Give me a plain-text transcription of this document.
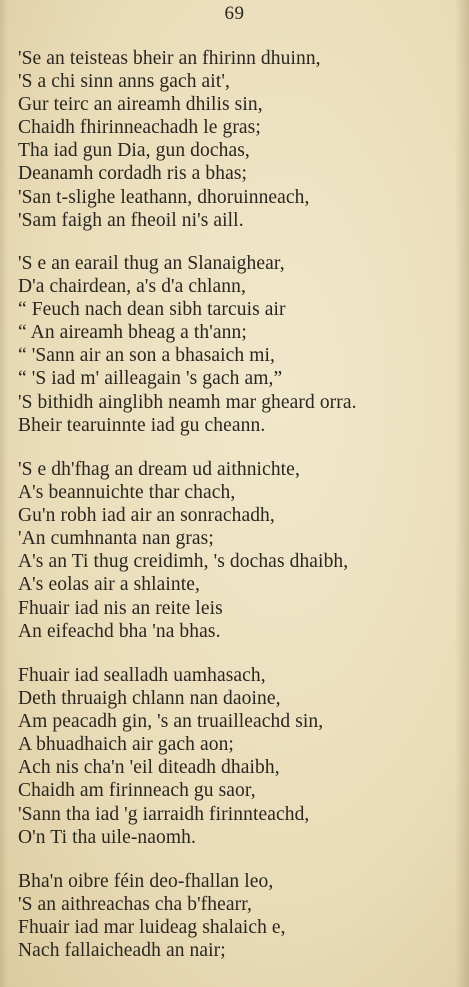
69
'Se an teisteas bheir an fhirinn dhuinn,
'S a chi sinn anns gach ait',
Gur teirc an aireamh dhilis sin,
Chaidh fhirinneachadh le gras;
Tha iad gun Dia, gun dochas,
Deanamh cordadh ris a bhas;
'San t-slighe leathann, dhoruinneach,
'Sam faigh an fheoil ni's aill.
'S e an earail thug an Slanaighear,
D'a chairdean, a's d'a chlann,
“ Feuch nach dean sibh tarcuis air
“ An aireamh bheag a th'ann;
“ 'Sann air an son a bhasaich mi,
“ 'S iad m' ailleagain 's gach am,”
'S bithidh ainglibh neamh mar gheard orra.
Bheir tearuinnte iad gu cheann.
'S e dh'fhag an dream ud aithnichte,
A's beannuichte thar chach,
Gu'n robh iad air an sonrachadh,
'An cumhnanta nan gras;
A's an Ti thug creidimh, 's dochas dhaibh,
A's eolas air a shlainte,
Fhuair iad nis an reite leis
An eifeachd bha 'na bhas.
Fhuair iad sealladh uamhasach,
Deth thruaigh chlann nan daoine,
Am peacadh gin, 's an truailleachd sin,
A bhuadhaich air gach aon;
Ach nis cha'n 'eil diteadh dhaibh,
Chaidh am firinneach gu saor,
'Sann tha iad 'g iarraidh firinnteachd,
O'n Ti tha uile-naomh.
Bha'n oibre féin deo-fhallan leo,
'S an aithreachas cha b'fhearr,
Fhuair iad mar luideag shalaich e,
Nach fallaicheadh an nair;
